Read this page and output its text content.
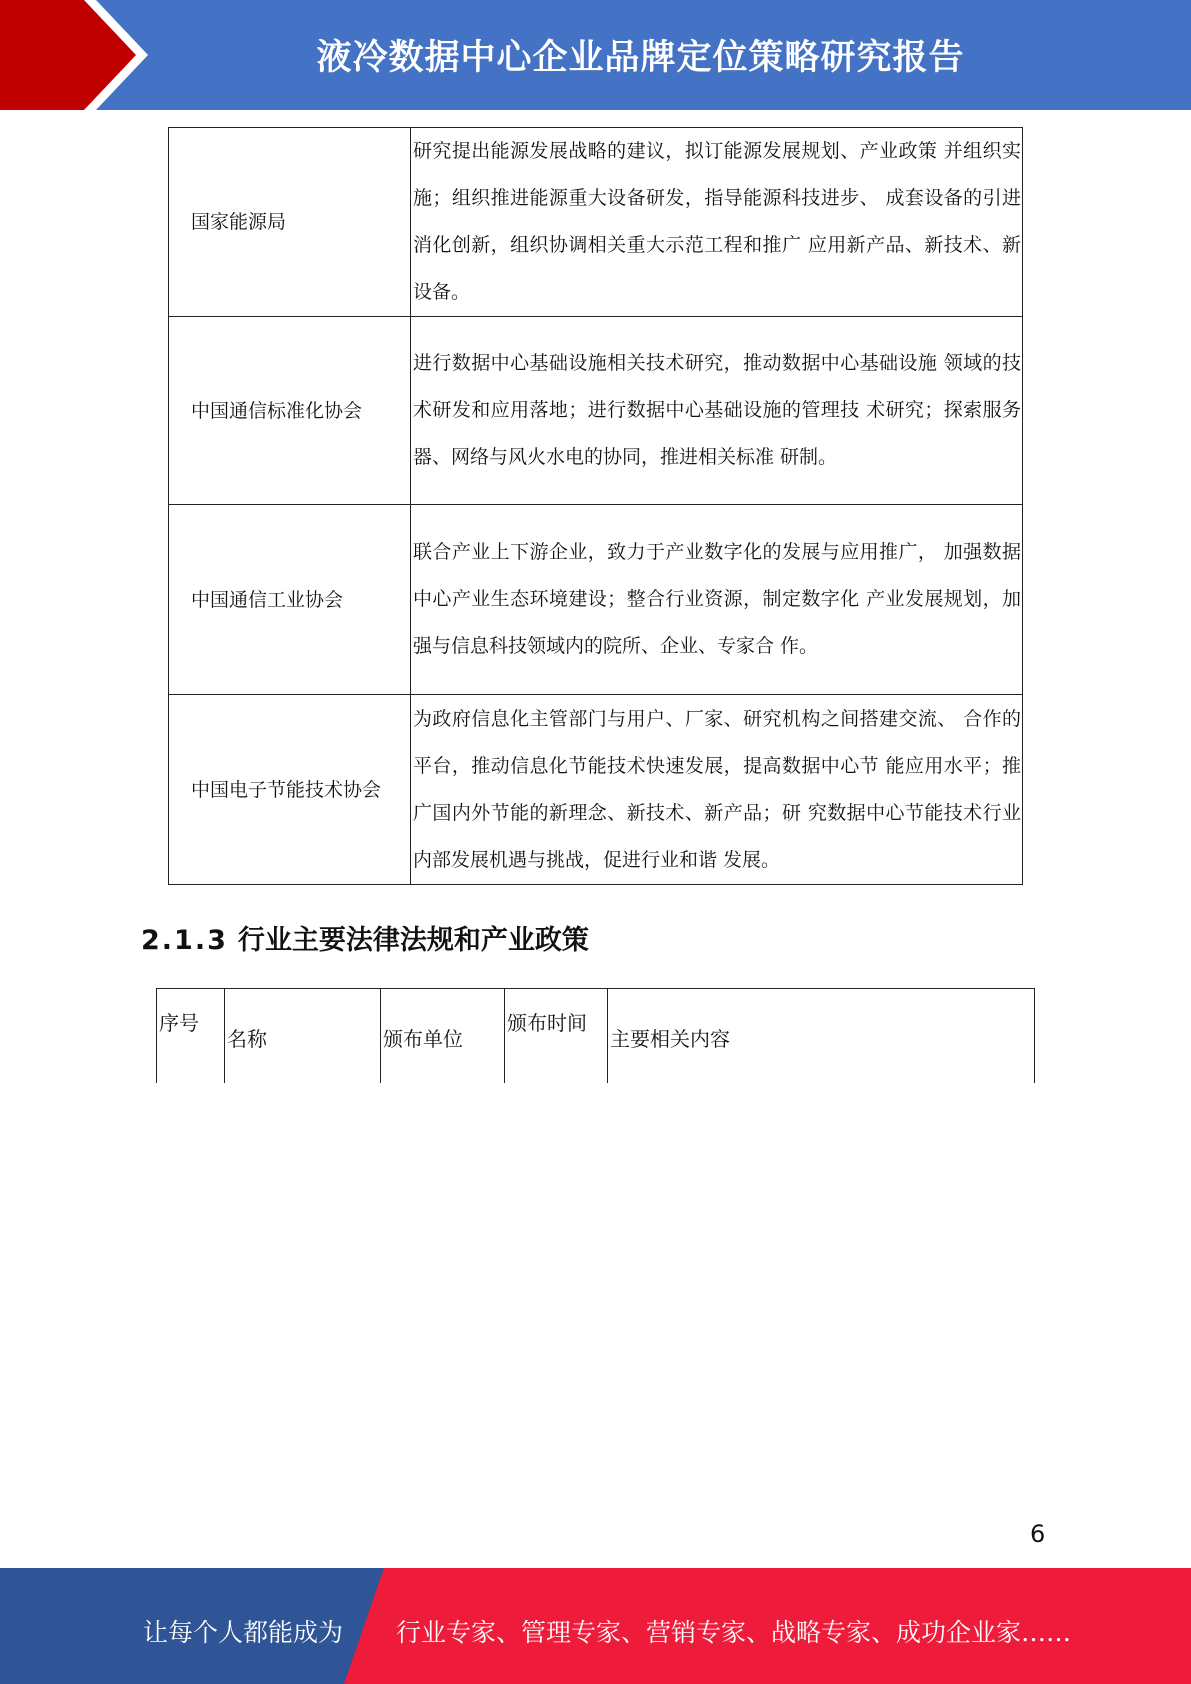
液冷数据中心企业品牌定位策略研究报告
国家能源局	研究提出能源发展战略的建议，拟订能源发展规划、产业政策 并组织实施；组织推进能源重大设备研发，指导能源科技进步、 成套设备的引进消化创新，组织协调相关重大示范工程和推广 应用新产品、新技术、新设备。
中国通信标准化协会	进行数据中心基础设施相关技术研究，推动数据中心基础设施 领域的技术研发和应用落地；进行数据中心基础设施的管理技 术研究；探索服务器、网络与风火水电的协同，推进相关标准 研制。
中国通信工业协会	联合产业上下游企业，致力于产业数字化的发展与应用推广， 加强数据中心产业生态环境建设；整合行业资源，制定数字化 产业发展规划，加强与信息科技领域内的院所、企业、专家合 作。
中国电子节能技术协会	为政府信息化主管部门与用户、厂家、研究机构之间搭建交流、 合作的平台，推动信息化节能技术快速发展，提高数据中心节 能应用水平；推广国内外节能的新理念、新技术、新产品；研 究数据中心节能技术行业内部发展机遇与挑战，促进行业和谐 发展。
2.1.3 行业主要法律法规和产业政策
序号	名称	颁布单位	颁布时间	主要相关内容
6
让每个人都能成为 行业专家、管理专家、营销专家、战略专家、成功企业家……
